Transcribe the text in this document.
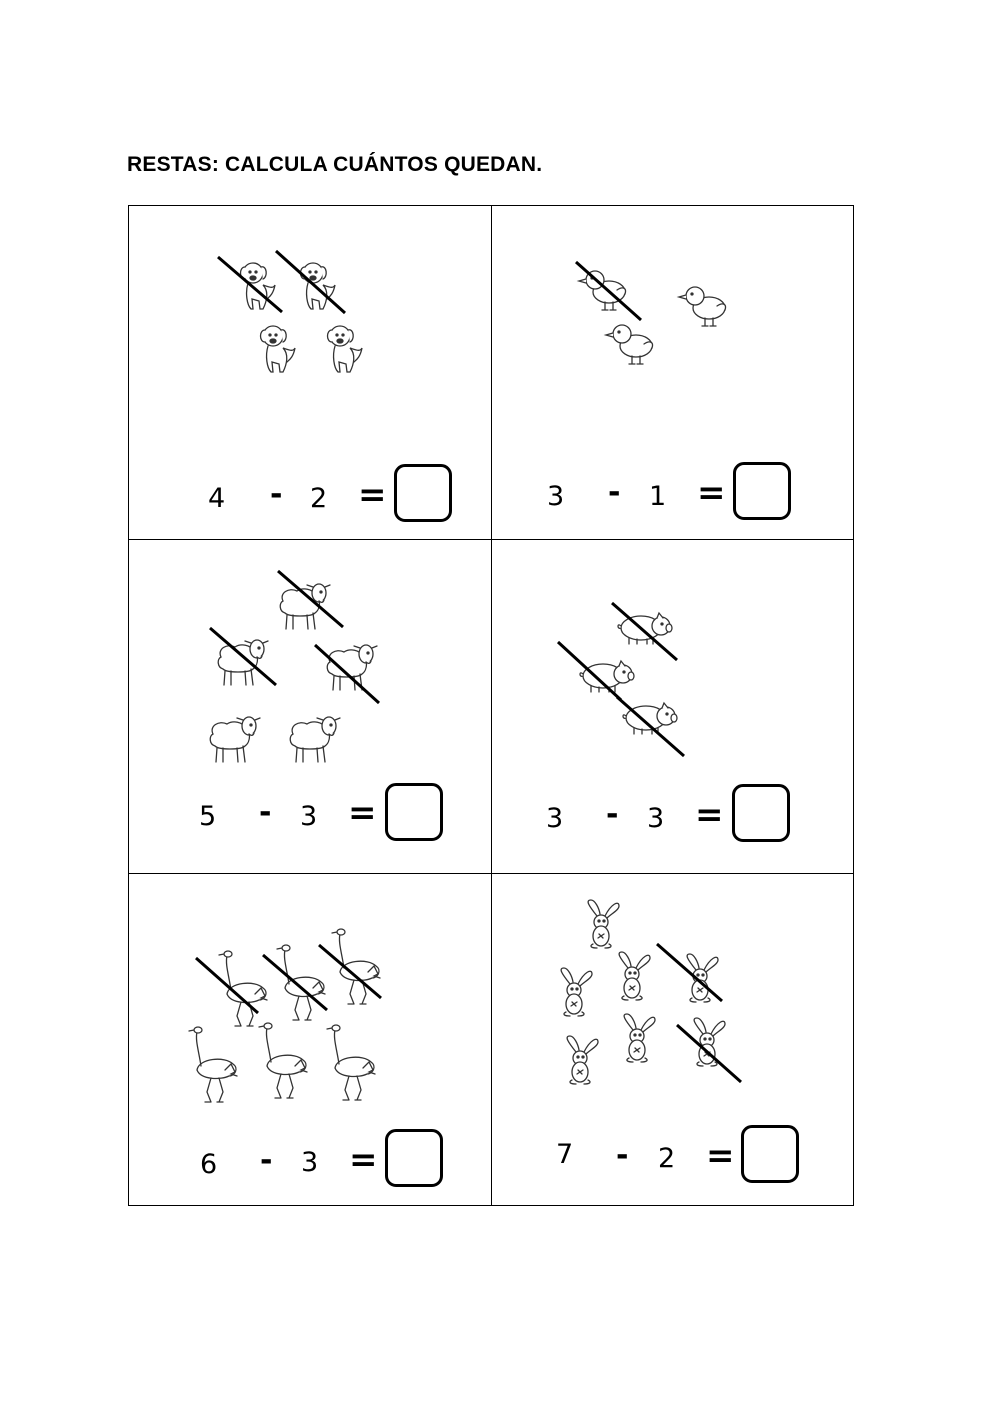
RESTAS: CALCULA CUÁNTOS QUEDAN.
4 - 2 =	3 - 1 =
5 - 3 =	3 - 3 =
6 - 3 =	7 - 2 =
